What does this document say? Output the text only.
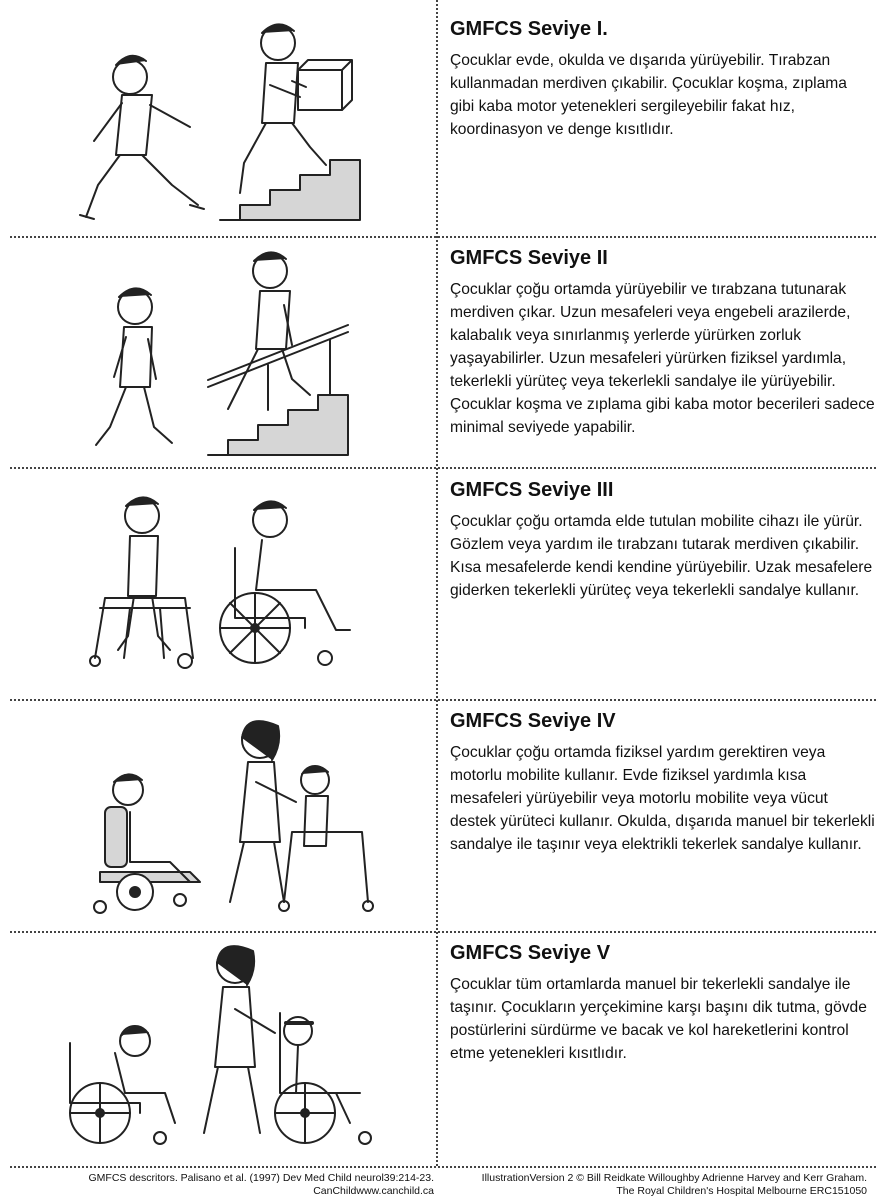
GMFCS Seviye I.

Çocuklar evde, okulda ve dışarıda yürüyebilir. Tırabzan kullanmadan merdiven çıkabilir. Çocuklar koşma, zıplama gibi kaba motor yetenekleri sergileyebilir fakat hız, koordinasyon ve denge kısıtlıdır.

GMFCS Seviye II

Çocuklar çoğu ortamda yürüyebilir ve tırabzana tutunarak merdiven çıkar. Uzun mesafeleri veya engebeli arazilerde, kalabalık veya sınırlanmış yerlerde yürürken zorluk yaşayabilirler. Uzun mesafeleri yürürken fiziksel yardımla, tekerlekli yürüteç veya tekerlekli sandalye ile yürüyebilir. Çocuklar koşma ve zıplama gibi kaba motor becerileri sadece minimal seviyede yapabilir.

GMFCS Seviye III

Çocuklar çoğu ortamda elde tutulan mobilite cihazı ile yürür. Gözlem veya yardım ile tırabzanı tutarak merdiven çıkabilir. Kısa mesafelerde kendi kendine yürüyebilir. Uzak mesafelere giderken tekerlekli yürüteç veya tekerlekli sandalye kullanır.

GMFCS Seviye IV

Çocuklar çoğu ortamda fiziksel yardım gerektiren veya motorlu mobilite kullanır. Evde fiziksel yardımla kısa mesafeleri yürüyebilir veya motorlu mobilite veya vücut destek yürüteci kullanır. Okulda, dışarıda manuel bir tekerlekli sandalye ile taşınır veya elektrikli tekerlek sandalye kullanır.

GMFCS Seviye V

Çocuklar tüm ortamlarda manuel bir tekerlekli sandalye ile taşınır. Çocukların yerçekimine karşı başını dik tutma, gövde postürlerini sürdürme ve bacak ve kol hareketlerini kontrol etme yetenekleri kısıtlıdır.

GMFCS descritors. Palisano et al. (1997) Dev Med Child neurol39:214-23.
CanChildwww.canchild.ca
IllustrationVersion 2 © Bill Reidkate Willoughby Adrienne Harvey and Kerr Graham.
The Royal Children's Hospital Melbourne ERC151050
